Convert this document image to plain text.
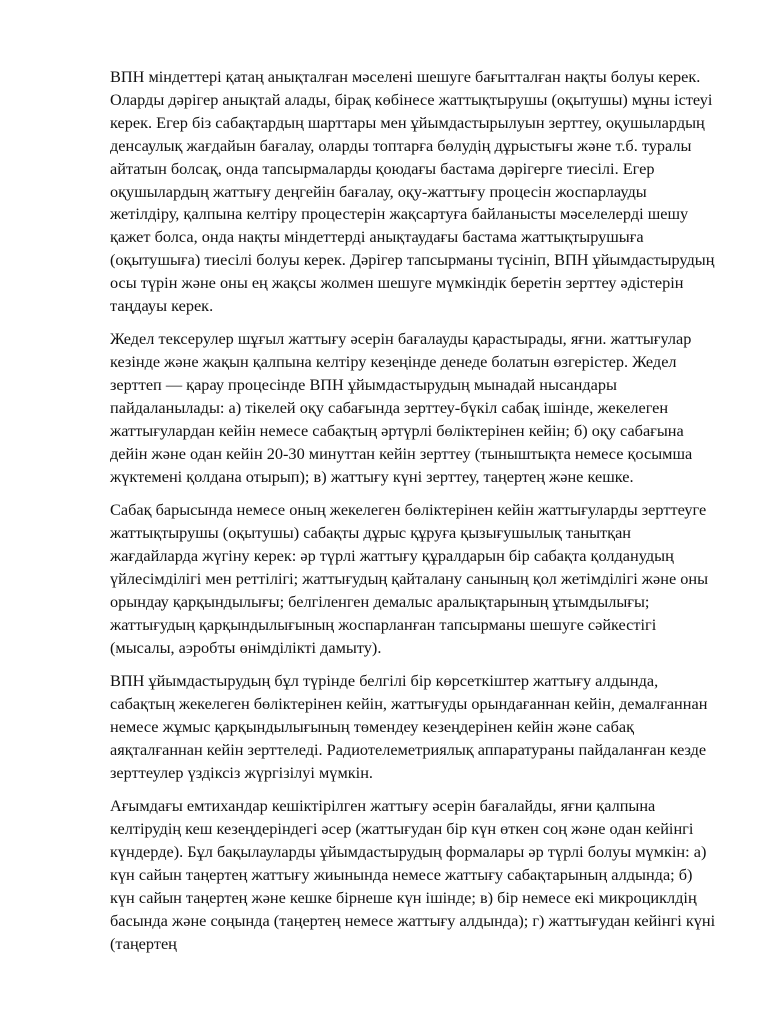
ВПН міндеттері қатаң анықталған мәселені шешуге бағытталған нақты болуы керек. Оларды дәрігер анықтай алады, бірақ көбінесе жаттықтырушы (оқытушы) мұны істеуі керек. Егер біз сабақтардың шарттары мен ұйымдастырылуын зерттеу, оқушылардың денсаулық жағдайын бағалау, оларды топтарға бөлудің дұрыстығы және т.б. туралы айтатын болсақ, онда тапсырмаларды қоюдағы бастама дәрігерге тиесілі. Егер оқушылардың жаттығу деңгейін бағалау, оқу-жаттығу процесін жоспарлауды жетілдіру, қалпына келтіру процестерін жақсартуға байланысты мәселелерді шешу қажет болса, онда нақты міндеттерді анықтаудағы бастама жаттықтырушыға (оқытушыға) тиесілі болуы керек. Дәрігер тапсырманы түсініп, ВПН ұйымдастырудың осы түрін және оны ең жақсы жолмен шешуге мүмкіндік беретін зерттеу әдістерін таңдауы керек.

Жедел тексерулер шұғыл жаттығу әсерін бағалауды қарастырады, яғни. жаттығулар кезінде және жақын қалпына келтіру кезеңінде денеде болатын өзгерістер. Жедел зерттеп — қарау процесінде ВПН ұйымдастырудың мынадай нысандары пайдаланылады: а) тікелей оқу сабағында зерттеу-бүкіл сабақ ішінде, жекелеген жаттығулардан кейін немесе сабақтың әртүрлі бөліктерінен кейін; б) оқу сабағына дейін және одан кейін 20-30 минуттан кейін зерттеу (тыныштықта немесе қосымша жүктемені қолдана отырып); в) жаттығу күні зерттеу, таңертең және кешке.

Сабақ барысында немесе оның жекелеген бөліктерінен кейін жаттығуларды зерттеуге жаттықтырушы (оқытушы) сабақты дұрыс құруға қызығушылық танытқан жағдайларда жүгіну керек: әр түрлі жаттығу құралдарын бір сабақта қолданудың үйлесімділігі мен реттілігі; жаттығудың қайталану санының қол жетімділігі және оны орындау қарқындылығы; белгіленген демалыс аралықтарының ұтымдылығы; жаттығудың қарқындылығының жоспарланған тапсырманы шешуге сәйкестігі (мысалы, аэробты өнімділікті дамыту).

ВПН ұйымдастырудың бұл түрінде белгілі бір көрсеткіштер жаттығу алдында, сабақтың жекелеген бөліктерінен кейін, жаттығуды орындағаннан кейін, демалғаннан немесе жұмыс қарқындылығының төмендеу кезеңдерінен кейін және сабақ аяқталғаннан кейін зерттеледі. Радиотелеметриялық аппаратураны пайдаланған кезде зерттеулер үздіксіз жүргізілуі мүмкін.

Ағымдағы емтихандар кешіктірілген жаттығу әсерін бағалайды, яғни қалпына келтірудің кеш кезеңдеріндегі әсер (жаттығудан бір күн өткен соң және одан кейінгі күндерде). Бұл бақылауларды ұйымдастырудың формалары әр түрлі болуы мүмкін: а) күн сайын таңертең жаттығу жиынында немесе жаттығу сабақтарының алдында; б) күн сайын таңертең және кешке бірнеше күн ішінде; в) бір немесе екі микроциклдің басында және соңында (таңертең немесе жаттығу алдында); г) жаттығудан кейінгі күні (таңертең
